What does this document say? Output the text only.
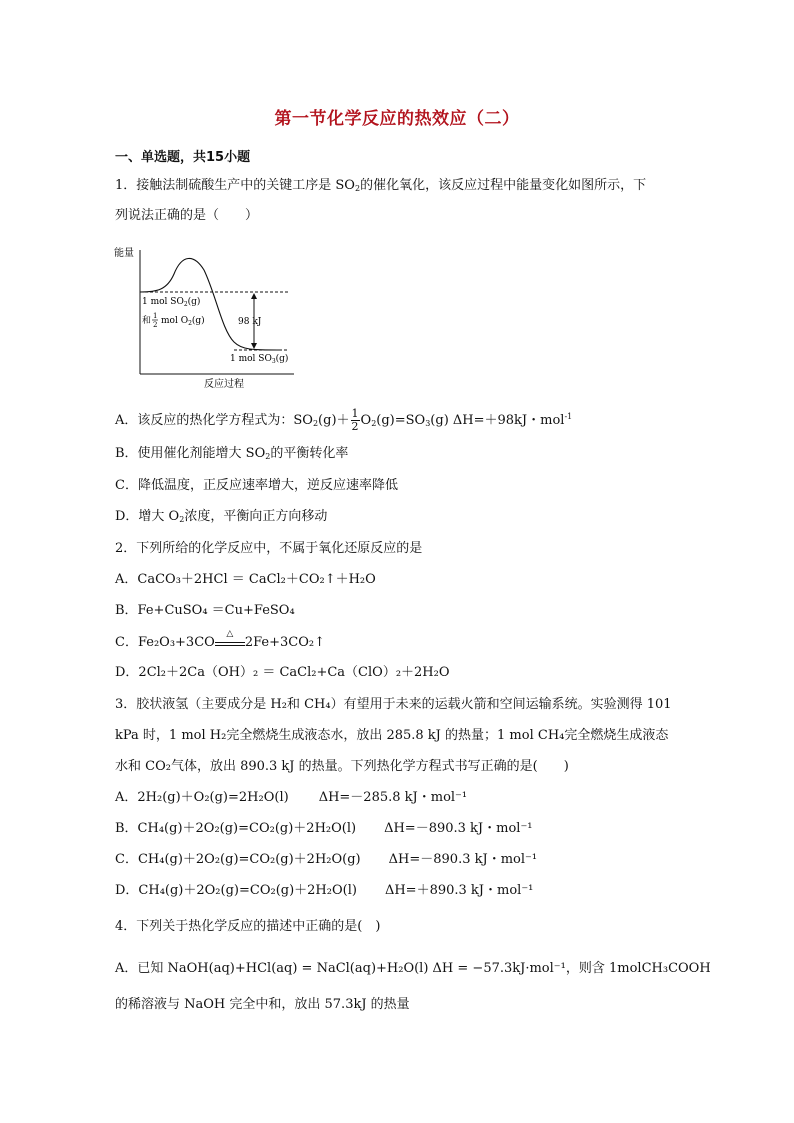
第一节化学反应的热效应（二）
一、单选题，共15小题
1．接触法制硫酸生产中的关键工序是 $SO_2$的催化氧化，该反应过程中能量变化如图所示，下
列说法正确的是（　　）
能量
反应过程
1 mol $SO_2(g)$
和 1
2 mol $O_2(g)$	98 kJ
1 mol $SO_3(g)$
A．该反应的热化学方程式为：$SO_2(g)+ \frac{1}{2} O_2(g)=SO_3(g)$ ΔH=＋98kJ・mol$^{-1}$
B．使用催化剂能增大 $SO_2$的平衡转化率
C．降低温度，正反应速率增大，逆反应速率降低
D．增大 $O_2$浓度，平衡向正方向移动
2．下列所给的化学反应中，不属于氧化还原反应的是
A．CaCO₃＋2HCl ＝ CaCl₂＋CO₂↑＋H₂O
B．Fe+CuSO₄ ＝Cu+FeSO₄
C．Fe₂O₃+3CO
△
2Fe+3CO₂↑
D．2Cl₂＋2Ca（OH）₂ ＝ CaCl₂+Ca（ClO）₂＋2H₂O
3．胶状液氢（主要成分是 H₂和 CH₄）有望用于未来的运载火箭和空间运输系统。实验测得 101
kPa 时，1 mol H₂完全燃烧生成液态水，放出 285.8 kJ 的热量；1 mol CH₄完全燃烧生成液态
水和 CO₂气体，放出 890.3 kJ 的热量。下列热化学方程式书写正确的是(　　)
A．2H₂(g)＋O₂(g)=2H₂O(l) ΔH=－285.8 kJ・mol⁻¹
B．CH₄(g)＋2O₂(g)=CO₂(g)＋2H₂O(l) ΔH=－890.3 kJ・mol⁻¹
C．CH₄(g)＋2O₂(g)=CO₂(g)＋2H₂O(g) ΔH=－890.3 kJ・mol⁻¹
D．CH₄(g)＋2O₂(g)=CO₂(g)＋2H₂O(l) ΔH=＋890.3 kJ・mol⁻¹
4．下列关于热化学反应的描述中正确的是(　)
A．已知 NaOH(aq)+HCl(aq) = NaCl(aq)+H₂O(l) ΔH = −57.3kJ·mol⁻¹，则含 1molCH₃COOH
的稀溶液与 NaOH 完全中和，放出 57.3kJ 的热量
